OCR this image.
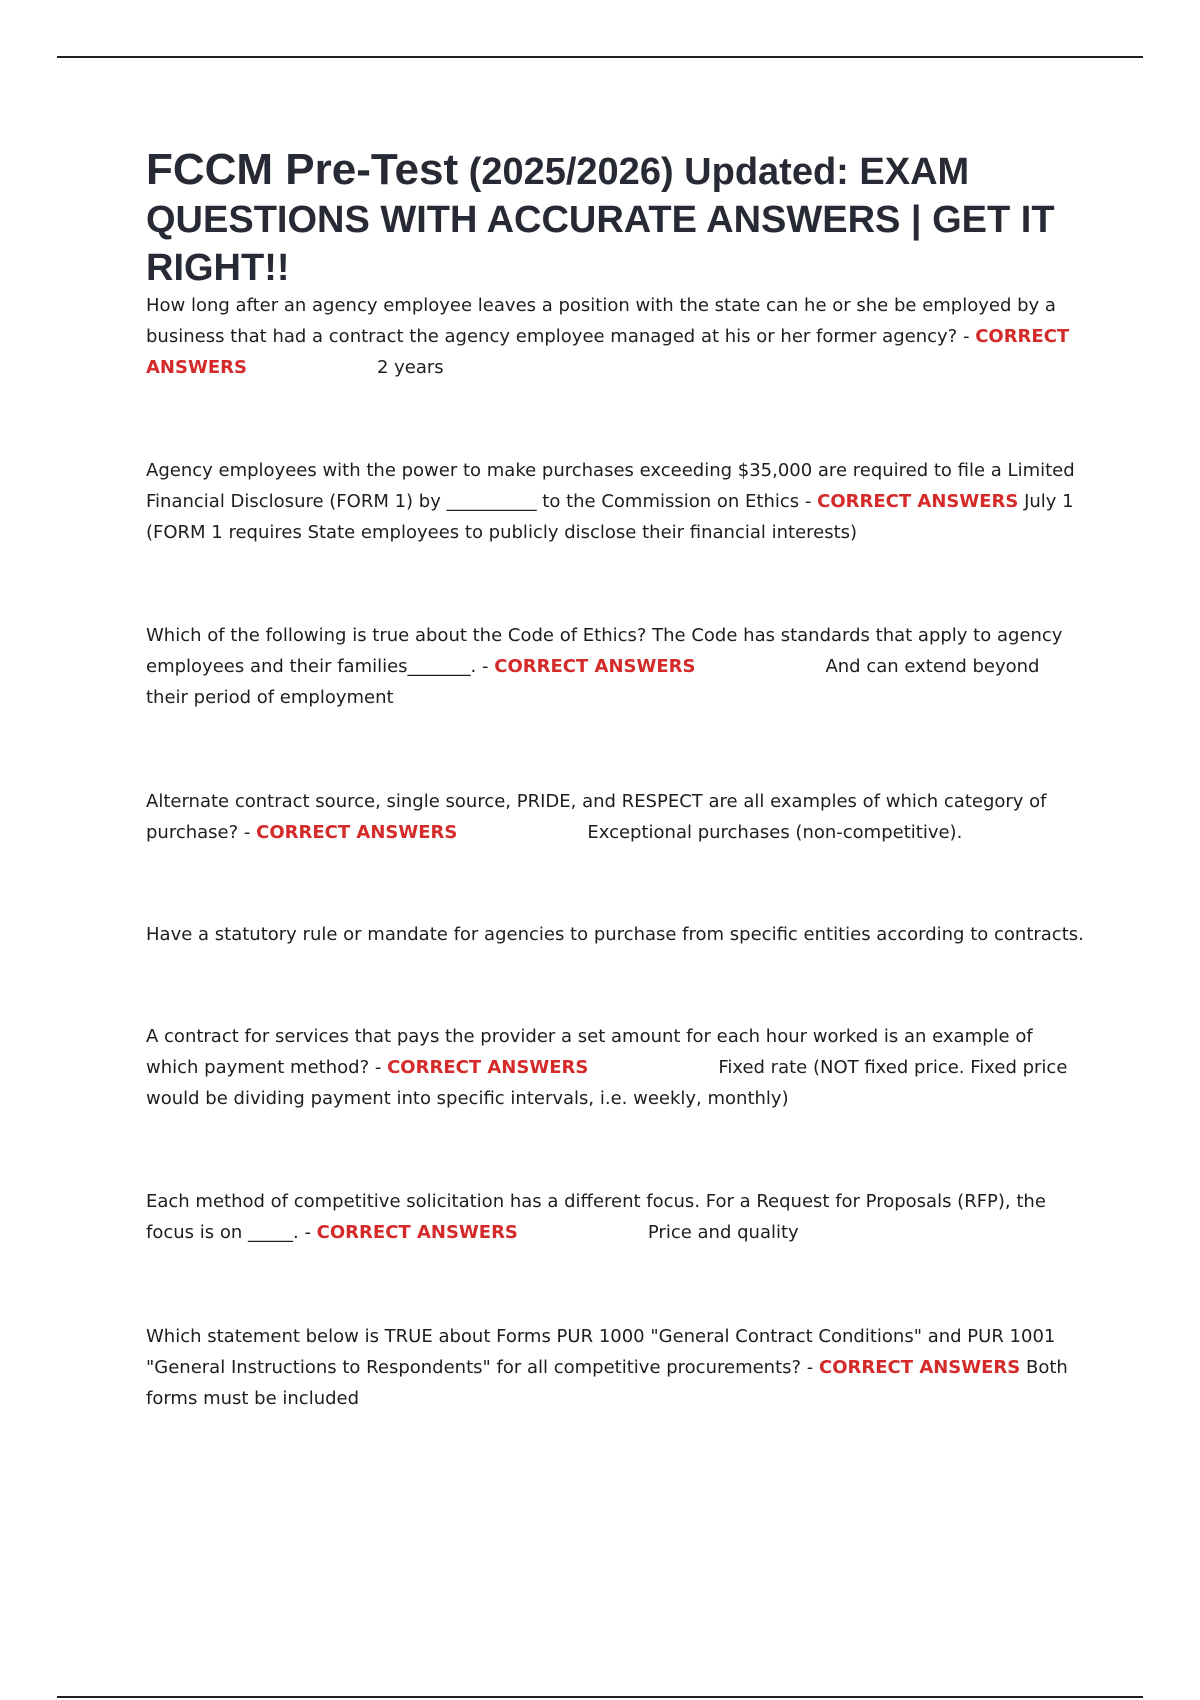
FCCM Pre-Test (2025/2026) Updated: EXAM QUESTIONS WITH ACCURATE ANSWERS | GET IT RIGHT!!

How long after an agency employee leaves a position with the state can he or she be employed by a business that had a contract the agency employee managed at his or her former agency? - CORRECT ANSWERS	2 years

Agency employees with the power to make purchases exceeding $35,000 are required to file a Limited Financial Disclosure (FORM 1) by __________ to the Commission on Ethics - CORRECT ANSWERS July 1 (FORM 1 requires State employees to publicly disclose their financial interests)

Which of the following is true about the Code of Ethics? The Code has standards that apply to agency employees and their families_______. - CORRECT ANSWERS	And can extend beyond their period of employment

Alternate contract source, single source, PRIDE, and RESPECT are all examples of which category of purchase? - CORRECT ANSWERS	Exceptional purchases (non-competitive).

Have a statutory rule or mandate for agencies to purchase from specific entities according to contracts.

A contract for services that pays the provider a set amount for each hour worked is an example of which payment method? - CORRECT ANSWERS	Fixed rate (NOT fixed price. Fixed price would be dividing payment into specific intervals, i.e. weekly, monthly)

Each method of competitive solicitation has a different focus. For a Request for Proposals (RFP), the focus is on _____. - CORRECT ANSWERS	Price and quality

Which statement below is TRUE about Forms PUR 1000 "General Contract Conditions" and PUR 1001 "General Instructions to Respondents" for all competitive procurements? - CORRECT ANSWERS Both forms must be included
